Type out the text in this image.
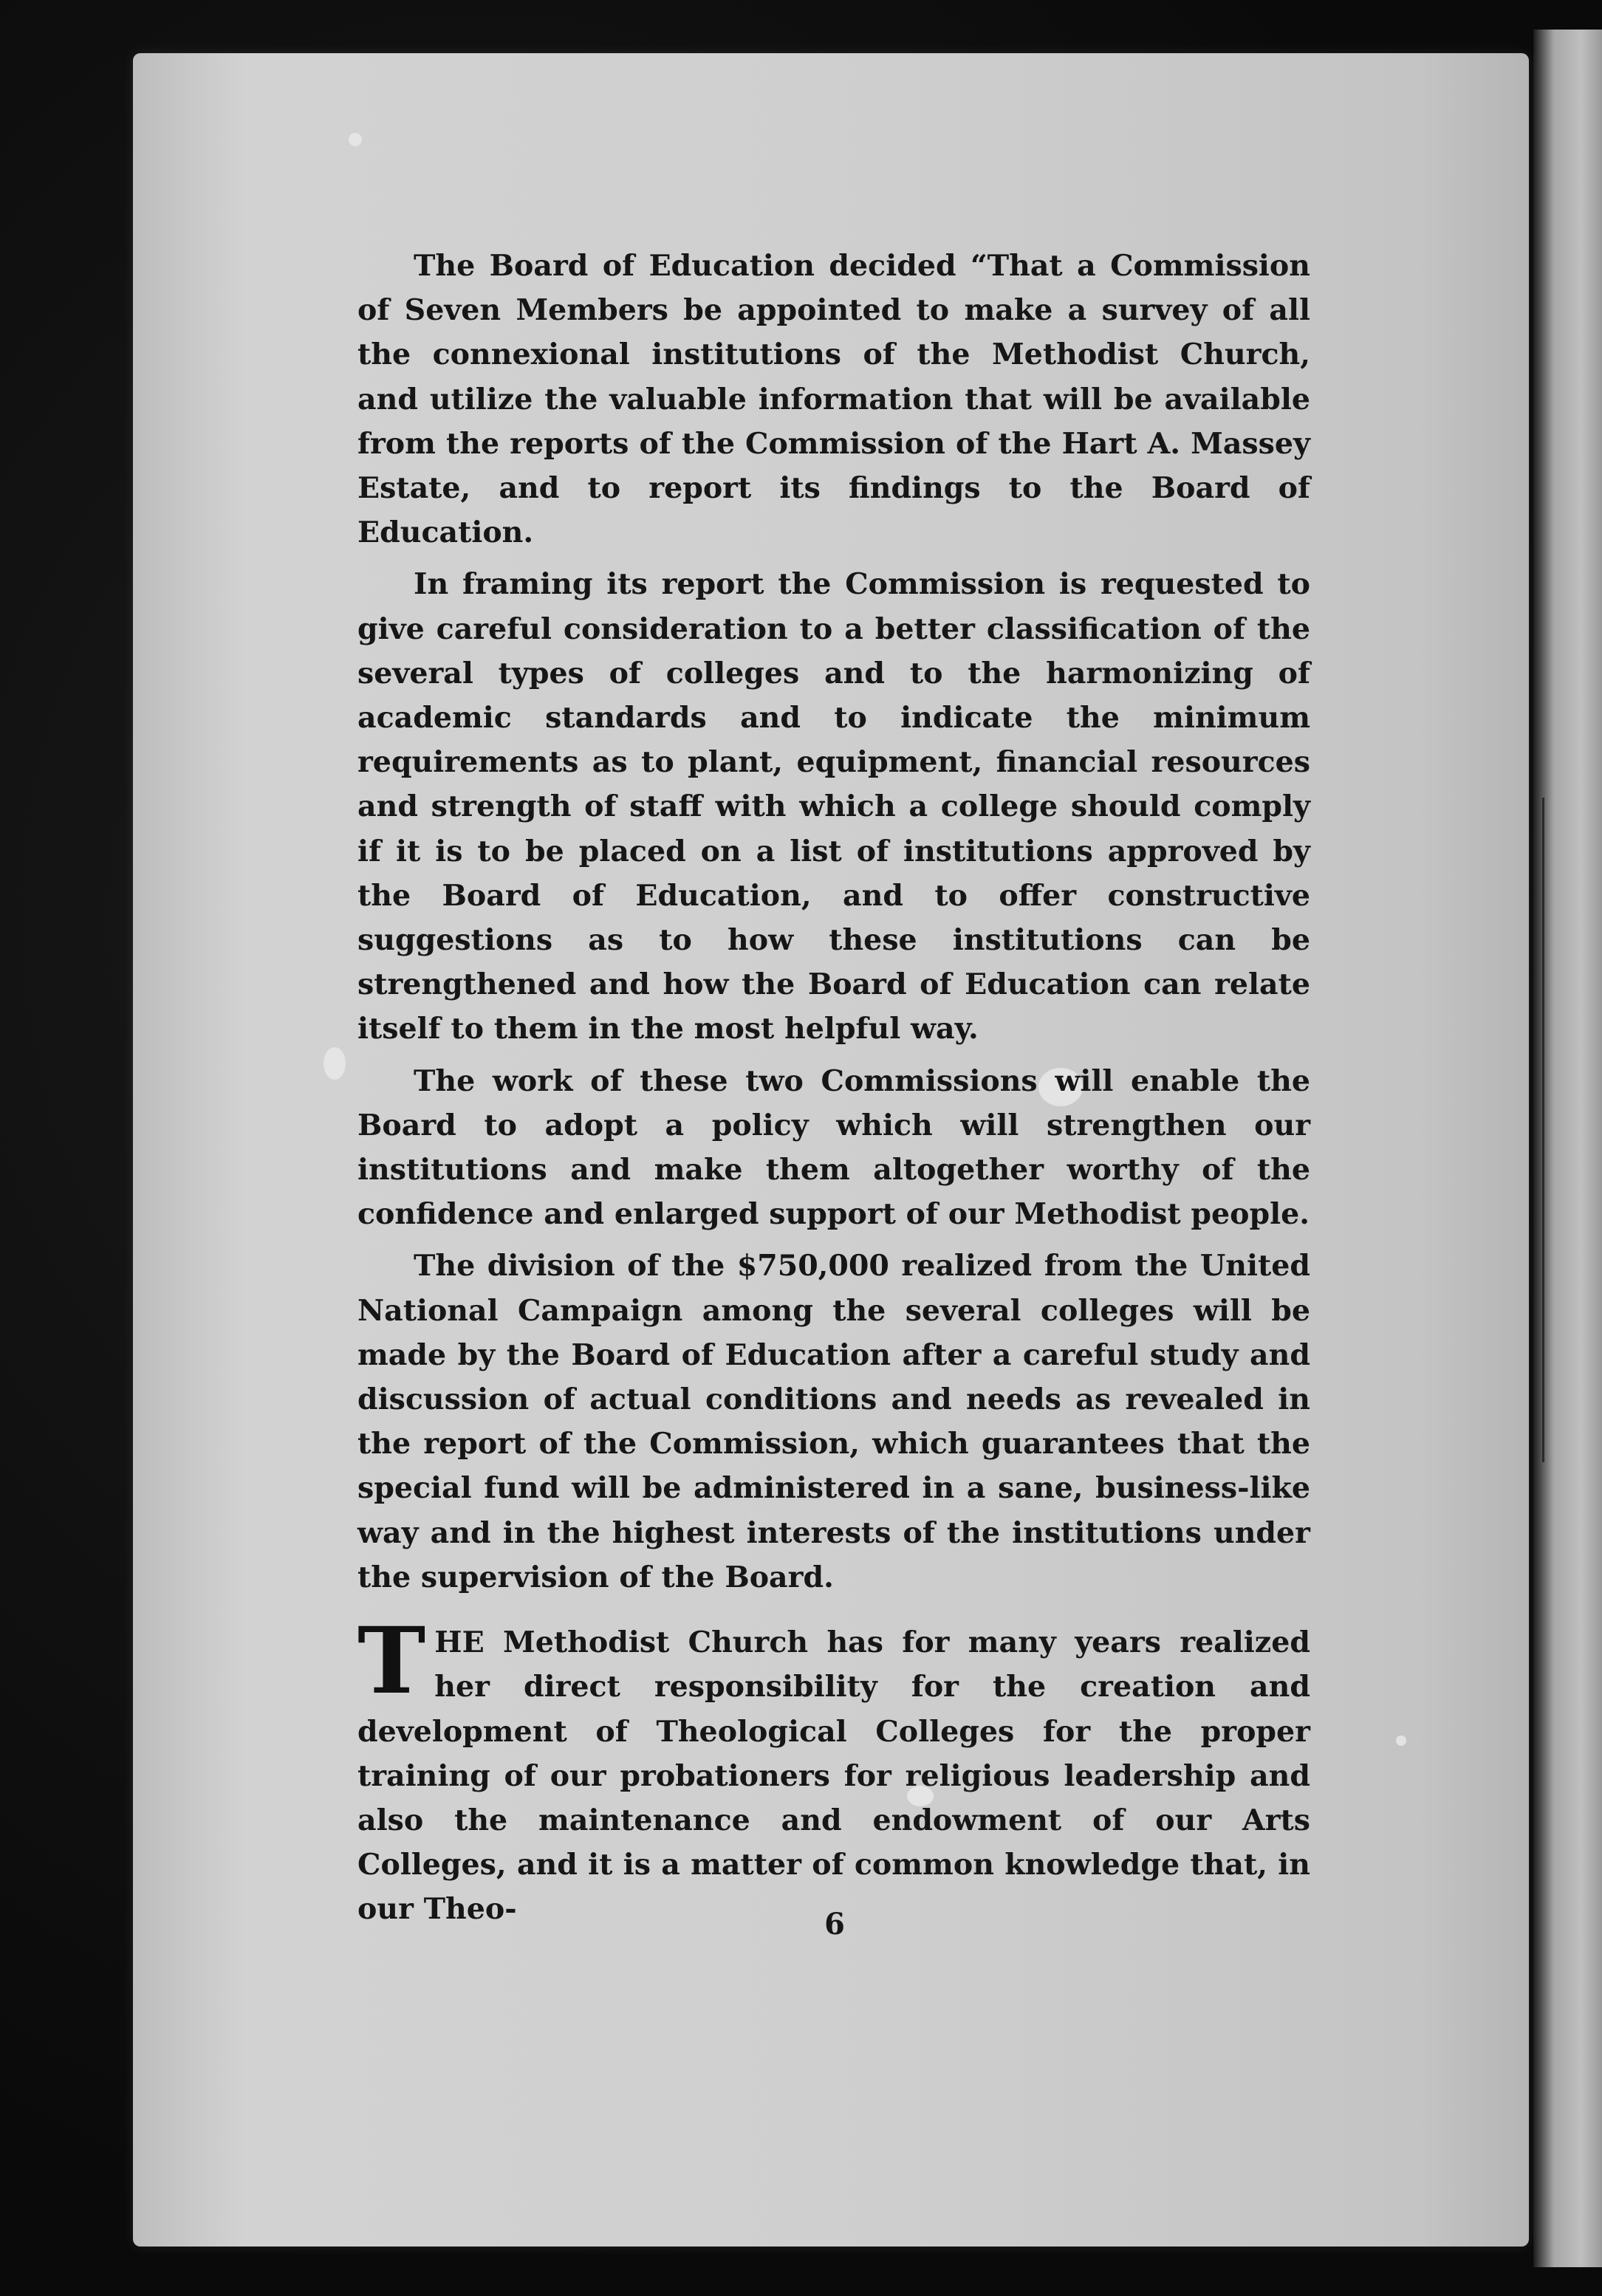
The Board of Education decided “That a Commission of Seven Members be appointed to make a survey of all the connexional institutions of the Methodist Church, and utilize the valuable information that will be available from the reports of the Commission of the Hart A. Massey Estate, and to report its findings to the Board of Education.

In framing its report the Commission is requested to give careful consideration to a better classification of the several types of colleges and to the harmonizing of academic standards and to indicate the minimum requirements as to plant, equipment, financial resources and strength of staff with which a college should comply if it is to be placed on a list of institutions approved by the Board of Education, and to offer constructive suggestions as to how these institutions can be strengthened and how the Board of Education can relate itself to them in the most helpful way.

The work of these two Commissions will enable the Board to adopt a policy which will strengthen our institutions and make them altogether worthy of the confidence and enlarged support of our Methodist people.

The division of the $750,000 realized from the United National Campaign among the several colleges will be made by the Board of Education after a careful study and discussion of actual conditions and needs as revealed in the report of the Commission, which guarantees that the special fund will be administered in a sane, business-like way and in the highest interests of the institutions under the supervision of the Board.

THE Methodist Church has for many years realized her direct responsibility for the creation and development of Theological Colleges for the proper training of our probationers for religious leadership and also the maintenance and endowment of our Arts Colleges, and it is a matter of common knowledge that, in our Theo-	6
